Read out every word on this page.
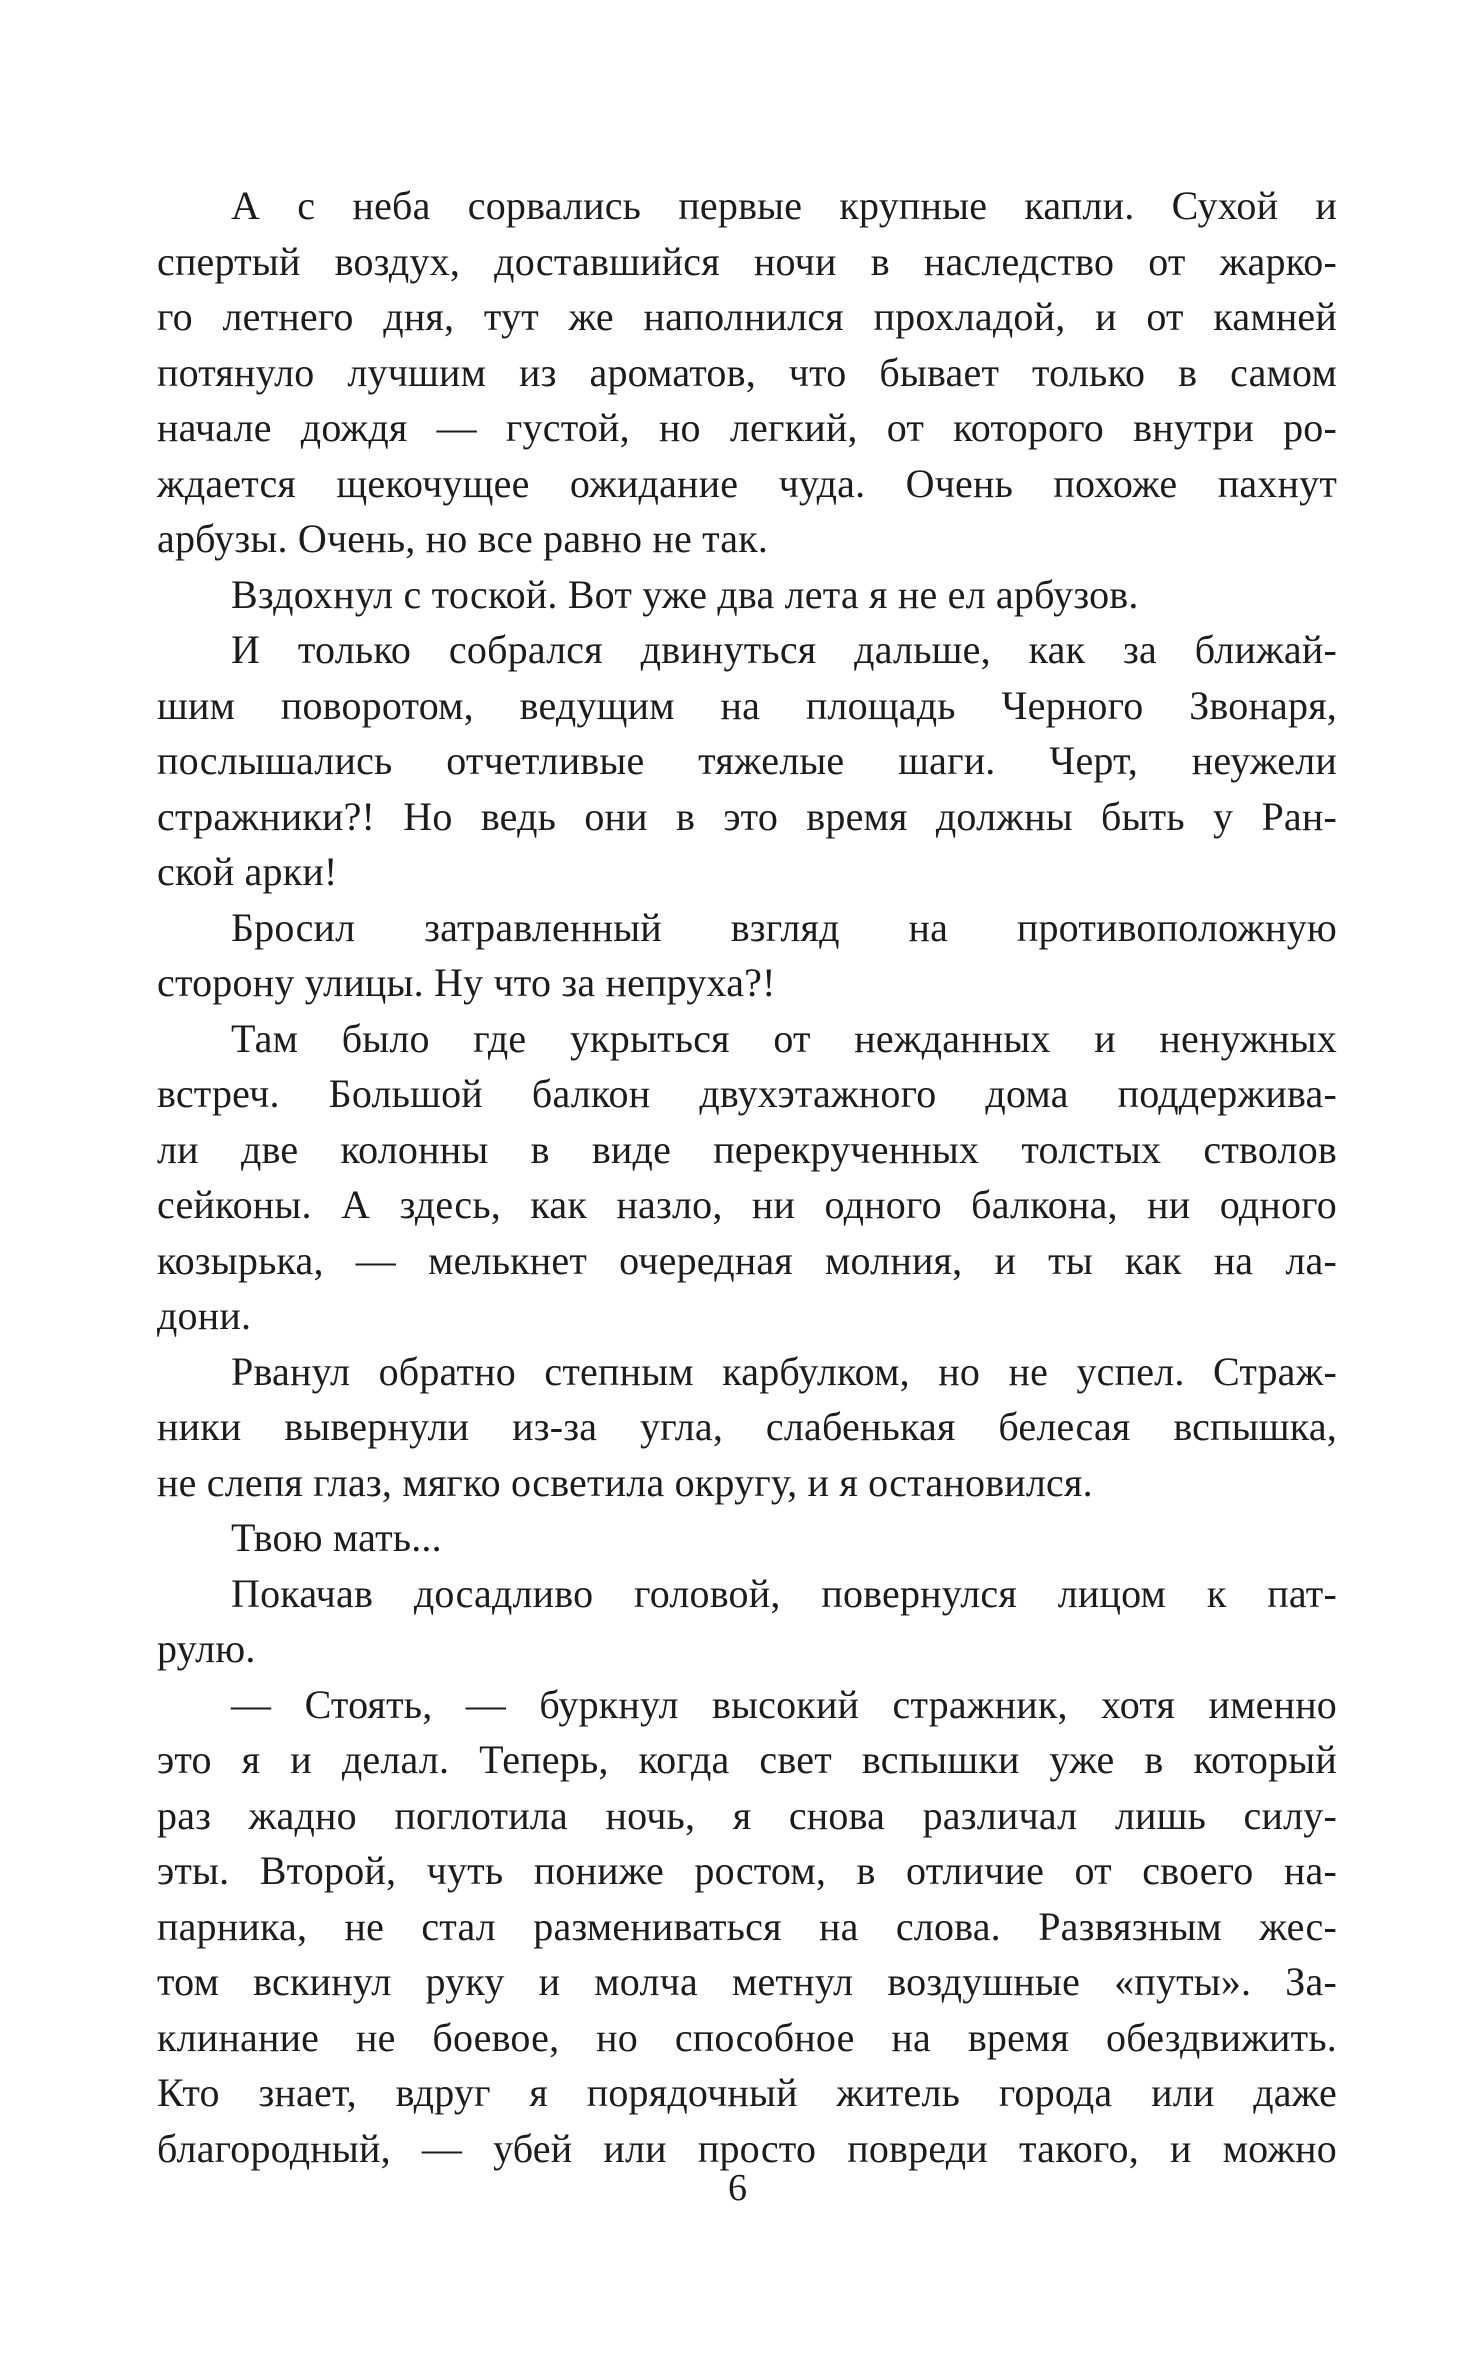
А с неба сорвались первые крупные капли. Сухой и
спертый воздух, доставшийся ночи в наследство от жарко-
го летнего дня, тут же наполнился прохладой, и от камней
потянуло лучшим из ароматов, что бывает только в самом
начале дождя — густой, но легкий, от которого внутри ро-
ждается щекочущее ожидание чуда. Очень похоже пахнут
арбузы. Очень, но все равно не так.
Вздохнул с тоской. Вот уже два лета я не ел арбузов.
И только собрался двинуться дальше, как за ближай-
шим поворотом, ведущим на площадь Черного Звонаря,
послышались отчетливые тяжелые шаги. Черт, неужели
стражники?! Но ведь они в это время должны быть у Ран-
ской арки!
Бросил затравленный взгляд на противоположную
сторону улицы. Ну что за непруха?!
Там было где укрыться от нежданных и ненужных
встреч. Большой балкон двухэтажного дома поддержива-
ли две колонны в виде перекрученных толстых стволов
сейконы. А здесь, как назло, ни одного балкона, ни одного
козырька, — мелькнет очередная молния, и ты как на ла-
дони.
Рванул обратно степным карбулком, но не успел. Страж-
ники вывернули из-за угла, слабенькая белесая вспышка,
не слепя глаз, мягко осветила округу, и я остановился.
Твою мать...
Покачав досадливо головой, повернулся лицом к пат-
рулю.
— Стоять, — буркнул высокий стражник, хотя именно
это я и делал. Теперь, когда свет вспышки уже в который
раз жадно поглотила ночь, я снова различал лишь силу-
эты. Второй, чуть пониже ростом, в отличие от своего на-
парника, не стал размениваться на слова. Развязным жес-
том вскинул руку и молча метнул воздушные «путы». За-
клинание не боевое, но способное на время обездвижить.
Кто знает, вдруг я порядочный житель города или даже
благородный, — убей или просто повреди такого, и можно
6
